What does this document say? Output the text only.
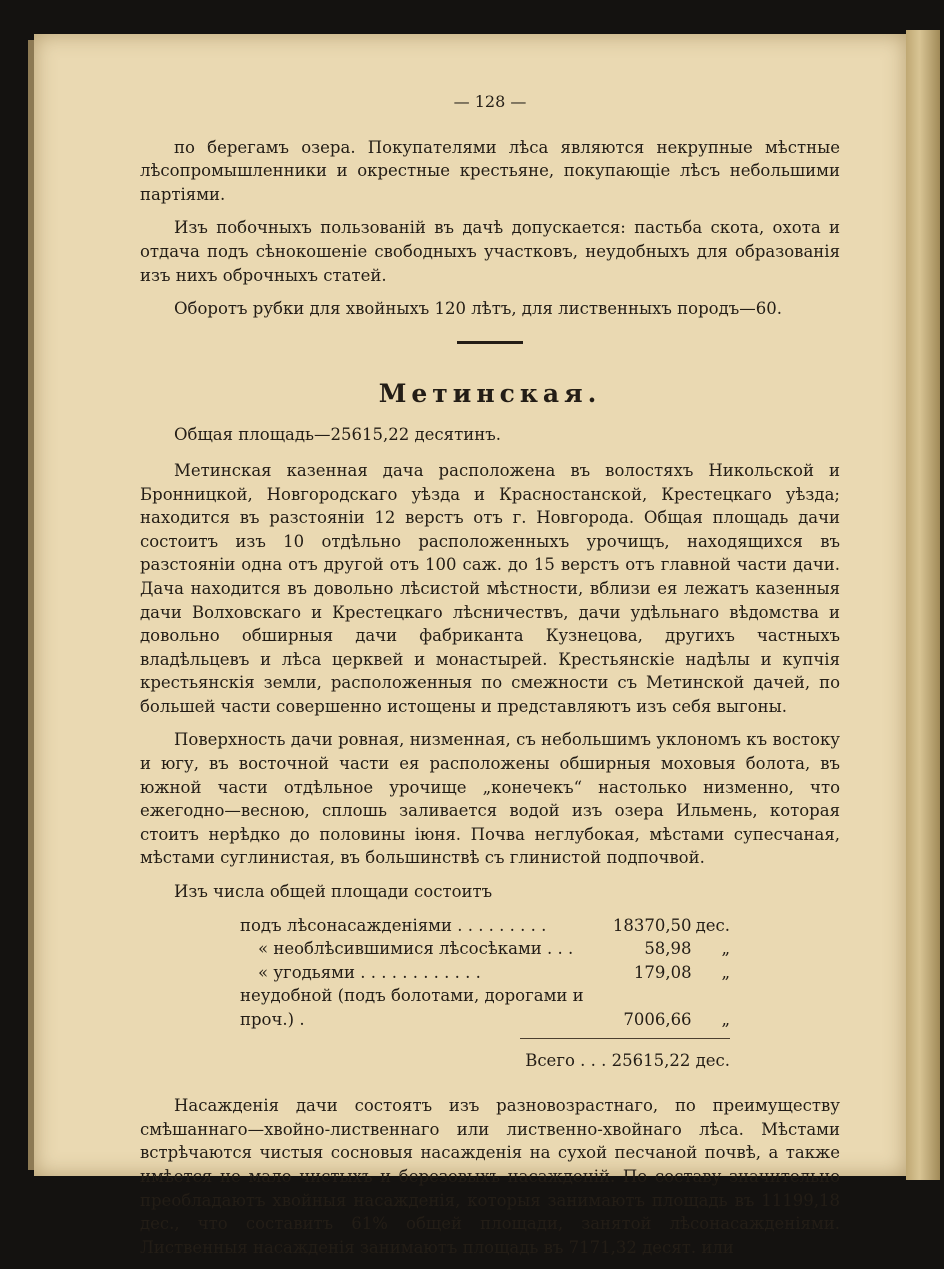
— 128 —

по берегамъ озера. Покупателями лѣса являются некрупные мѣстные лѣсопромышленники и окрестные крестьяне, покупающіе лѣсъ небольшими партіями.

Изъ побочныхъ пользованій въ дачѣ допускается: пастьба скота, охота и отдача подъ сѣнокошеніе свободныхъ участковъ, неудобныхъ для образованія изъ нихъ оброчныхъ статей.

Оборотъ рубки для хвойныхъ 120 лѣтъ, для лиственныхъ породъ—60.

Метинская.
Общая площадь—25615,22 десятинъ.

Метинская казенная дача расположена въ волостяхъ Никольской и Бронницкой, Новгородскаго уѣзда и Красностанской, Крестецкаго уѣзда; находится въ разстояніи 12 верстъ отъ г. Новгорода. Общая площадь дачи состоитъ изъ 10 отдѣльно расположенныхъ урочищъ, находящихся въ разстояніи одна отъ другой отъ 100 саж. до 15 верстъ отъ главной части дачи. Дача находится въ довольно лѣсистой мѣстности, вблизи ея лежатъ казенныя дачи Волховскаго и Крестецкаго лѣсничествъ, дачи удѣльнаго вѣдомства и довольно обширныя дачи фабриканта Кузнецова, другихъ частныхъ владѣльцевъ и лѣса церквей и монастырей. Крестьянскіе надѣлы и купчія крестьянскія земли, расположенныя по смежности съ Метинской дачей, по большей части совершенно истощены и представляютъ изъ себя выгоны.

Поверхность дачи ровная, низменная, съ небольшимъ уклономъ къ востоку и югу, въ восточной части ея расположены обширныя моховыя болота, въ южной части отдѣльное урочище „конечекъ“ настолько низменно, что ежегодно—весною, сплошь заливается водой изъ озера Ильмень, которая стоитъ нерѣдко до половины іюня. Почва неглубокая, мѣстами супесчаная, мѣстами суглинистая, въ большинствѣ съ глинистой подпочвой.

Изъ числа общей площади состоитъ

подъ лѣсонасажденіями . . . . . . . . .	18370,50	дес.
« необлѣсившимися лѣсосѣками . . .	58,98	„
« угодьями . . . . . . . . . . . .	179,08	„
неудобной (подъ болотами, дорогами и проч.) .	7006,66	„
Всего . . . 25615,22 дес.

Насажденія дачи состоятъ изъ разновозрастнаго, по преимуществу смѣшаннаго—хвойно-лиственнаго или лиственно-хвойнаго лѣса. Мѣстами встрѣчаются чистыя сосновыя насажденія на сухой песчаной почвѣ, а также имѣется не мало чистыхъ и березовыхъ насажденій. По составу значительно преобладаютъ хвойныя насажденія, которыя занимаютъ площадь въ 11199,18 дес., что составитъ 61% общей площади, занятой лѣсонасажденіями. Лиственныя насажденія занимаютъ площадь въ 7171,32 десят. или
